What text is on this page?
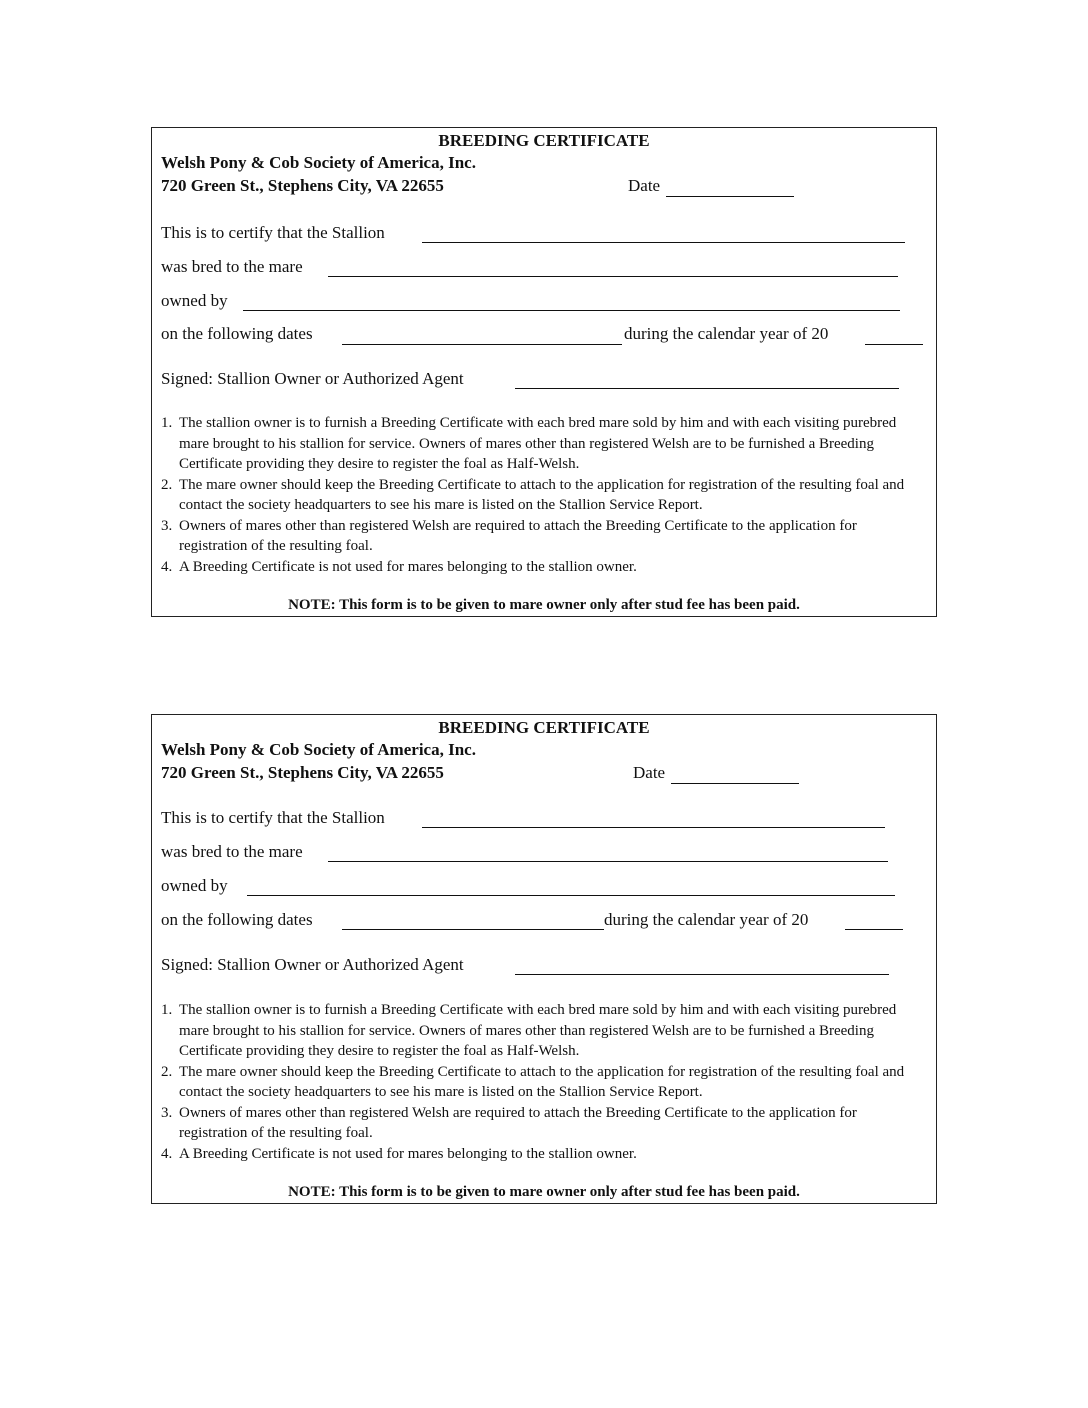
BREEDING CERTIFICATE
Welsh Pony & Cob Society of America, Inc.
720 Green St., Stephens City, VA 22655	Date
This is to certify that the Stallion
was bred to the mare
owned by
on the following dates	during the calendar year of 20
Signed: Stallion Owner or Authorized Agent
1. The stallion owner is to furnish a Breeding Certificate with each bred mare sold by him and with each visiting purebred mare brought to his stallion for service. Owners of mares other than registered Welsh are to be furnished a Breeding Certificate providing they desire to register the foal as Half-Welsh.
2. The mare owner should keep the Breeding Certificate to attach to the application for registration of the resulting foal and contact the society headquarters to see his mare is listed on the Stallion Service Report.
3. Owners of mares other than registered Welsh are required to attach the Breeding Certificate to the application for registration of the resulting foal.
4. A Breeding Certificate is not used for mares belonging to the stallion owner.
NOTE: This form is to be given to mare owner only after stud fee has been paid.
BREEDING CERTIFICATE
Welsh Pony & Cob Society of America, Inc.
720 Green St., Stephens City, VA 22655	Date
This is to certify that the Stallion
was bred to the mare
owned by
on the following dates	during the calendar year of 20
Signed: Stallion Owner or Authorized Agent
1. The stallion owner is to furnish a Breeding Certificate with each bred mare sold by him and with each visiting purebred mare brought to his stallion for service. Owners of mares other than registered Welsh are to be furnished a Breeding Certificate providing they desire to register the foal as Half-Welsh.
2. The mare owner should keep the Breeding Certificate to attach to the application for registration of the resulting foal and contact the society headquarters to see his mare is listed on the Stallion Service Report.
3. Owners of mares other than registered Welsh are required to attach the Breeding Certificate to the application for registration of the resulting foal.
4. A Breeding Certificate is not used for mares belonging to the stallion owner.
NOTE: This form is to be given to mare owner only after stud fee has been paid.
